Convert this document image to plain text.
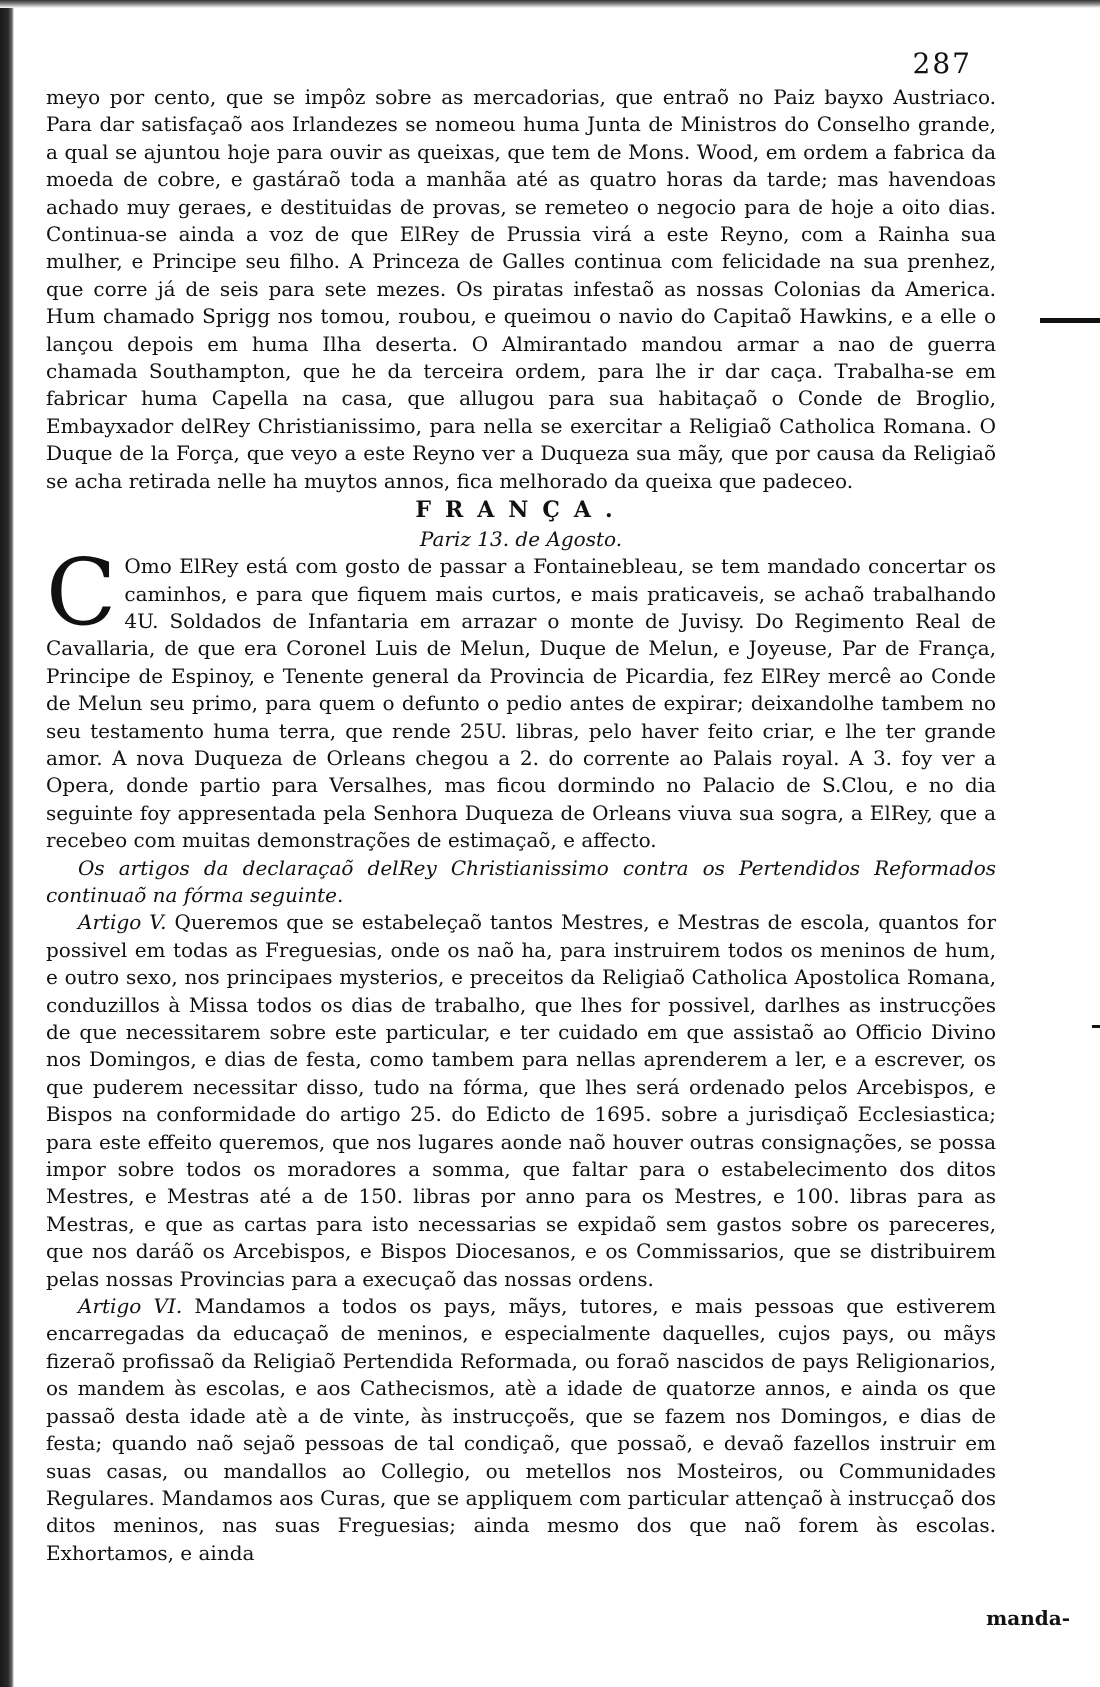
287

meyo por cento, que se impôz sobre as mercadorias, que entraõ no Paiz bayxo Austriaco. Para dar satisfaçaõ aos Irlandezes se nomeou huma Junta de Ministros do Conselho grande, a qual se ajuntou hoje para ouvir as queixas, que tem de Mons. Wood, em ordem a fabrica da moeda de cobre, e gastáraõ toda a manhãa até as quatro horas da tarde; mas havendoas achado muy geraes, e destituidas de provas, se remeteo o negocio para de hoje a oito dias. Continua-se ainda a voz de que ElRey de Prussia virá a este Reyno, com a Rainha sua mulher, e Principe seu filho. A Princeza de Galles continua com felicidade na sua prenhez, que corre já de seis para sete mezes. Os piratas infestaõ as nossas Colonias da America. Hum chamado Sprigg nos tomou, roubou, e queimou o navio do Capitaõ Hawkins, e a elle o lançou depois em huma Ilha deserta. O Almirantado mandou armar a nao de guerra chamada Southampton, que he da terceira ordem, para lhe ir dar caça. Trabalha-se em fabricar huma Capella na casa, que allugou para sua habitaçaõ o Conde de Broglio, Embayxador delRey Christianissimo, para nella se exercitar a Religiaõ Catholica Romana. O Duque de la Força, que veyo a este Reyno ver a Duqueza sua mãy, que por causa da Religiaõ se acha retirada nelle ha muytos annos, fica melhorado da queixa que padeceo.

FRANÇA.

Pariz 13. de Agosto.

C Omo ElRey está com gosto de passar a Fontainebleau, se tem mandado concertar os caminhos, e para que fiquem mais curtos, e mais praticaveis, se achaõ trabalhando 4U. Soldados de Infantaria em arrazar o monte de Juvisy. Do Regimento Real de Cavallaria, de que era Coronel Luis de Melun, Duque de Melun, e Joyeuse, Par de França, Principe de Espinoy, e Tenente general da Provincia de Picardia, fez ElRey mercê ao Conde de Melun seu primo, para quem o defunto o pedio antes de expirar; deixandolhe tambem no seu testamento huma terra, que rende 25U. libras, pelo haver feito criar, e lhe ter grande amor. A nova Duqueza de Orleans chegou a 2. do corrente ao Palais royal. A 3. foy ver a Opera, donde partio para Versalhes, mas ficou dormindo no Palacio de S.Clou, e no dia seguinte foy appresentada pela Senhora Duqueza de Orleans viuva sua sogra, a ElRey, que a recebeo com muitas demonstrações de estimaçaõ, e affecto.

Os artigos da declaraçaõ delRey Christianissimo contra os Pertendidos Reformados continuaõ na fórma seguinte.

Artigo V. Queremos que se estabeleçaõ tantos Mestres, e Mestras de escola, quantos for possivel em todas as Freguesias, onde os naõ ha, para instruirem todos os meninos de hum, e outro sexo, nos principaes mysterios, e preceitos da Religiaõ Catholica Apostolica Romana, conduzillos à Missa todos os dias de trabalho, que lhes for possivel, darlhes as instrucções de que necessitarem sobre este particular, e ter cuidado em que assistaõ ao Officio Divino nos Domingos, e dias de festa, como tambem para nellas aprenderem a ler, e a escrever, os que puderem necessitar disso, tudo na fórma, que lhes será ordenado pelos Arcebispos, e Bispos na conformidade do artigo 25. do Edicto de 1695. sobre a jurisdiçaõ Ecclesiastica; para este effeito queremos, que nos lugares aonde naõ houver outras consignações, se possa impor sobre todos os moradores a somma, que faltar para o estabelecimento dos ditos Mestres, e Mestras até a de 150. libras por anno para os Mestres, e 100. libras para as Mestras, e que as cartas para isto necessarias se expidaõ sem gastos sobre os pareceres, que nos daráõ os Arcebispos, e Bispos Diocesanos, e os Commissarios, que se distribuirem pelas nossas Provincias para a execuçaõ das nossas ordens.

Artigo VI. Mandamos a todos os pays, mãys, tutores, e mais pessoas que estiverem encarregadas da educaçaõ de meninos, e especialmente daquelles, cujos pays, ou mãys fizeraõ profissaõ da Religiaõ Pertendida Reformada, ou foraõ nascidos de pays Religionarios, os mandem às escolas, e aos Cathecismos, atè a idade de quatorze annos, e ainda os que passaõ desta idade atè a de vinte, às instrucçoẽs, que se fazem nos Domingos, e dias de festa; quando naõ sejaõ pessoas de tal condiçaõ, que possaõ, e devaõ fazellos instruir em suas casas, ou mandallos ao Collegio, ou metellos nos Mosteiros, ou Communidades Regulares. Mandamos aos Curas, que se appliquem com particular attençaõ à instrucçaõ dos ditos meninos, nas suas Freguesias; ainda mesmo dos que naõ forem às escolas. Exhortamos, e ainda

manda-
